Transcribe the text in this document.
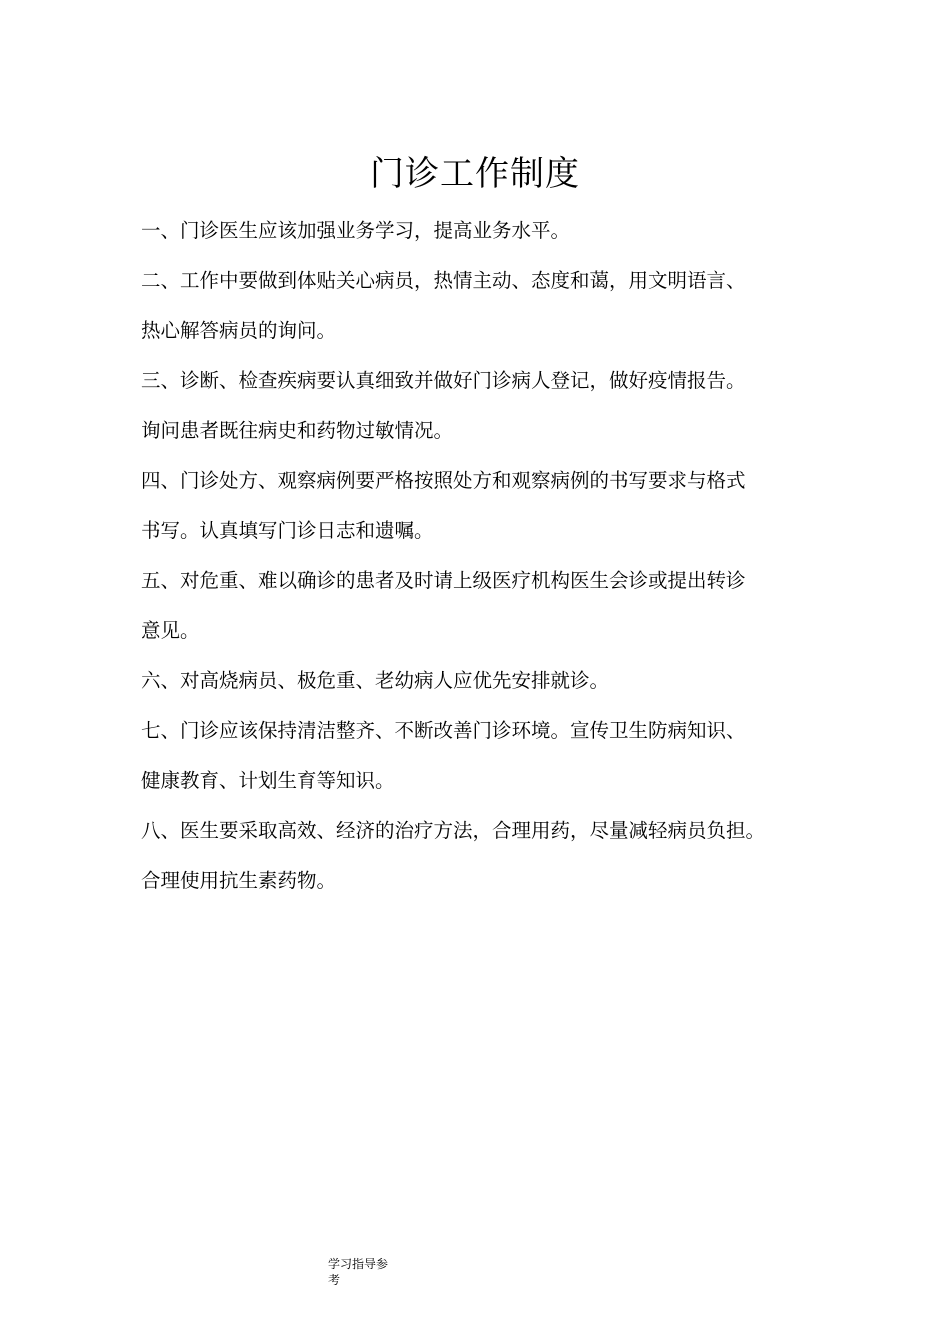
门诊工作制度
一、门诊医生应该加强业务学习，提高业务水平。
二、工作中要做到体贴关心病员，热情主动、态度和蔼，用文明语言、
热心解答病员的询问。
三、诊断、检查疾病要认真细致并做好门诊病人登记，做好疫情报告。
询问患者既往病史和药物过敏情况。
四、门诊处方、观察病例要严格按照处方和观察病例的书写要求与格式
书写。认真填写门诊日志和遗嘱。
五、对危重、难以确诊的患者及时请上级医疗机构医生会诊或提出转诊
意见。
六、对高烧病员、极危重、老幼病人应优先安排就诊。
七、门诊应该保持清洁整齐、不断改善门诊环境。宣传卫生防病知识、
健康教育、计划生育等知识。
八、医生要采取高效、经济的治疗方法，合理用药，尽量减轻病员负担。
合理使用抗生素药物。
学习指导参
考
